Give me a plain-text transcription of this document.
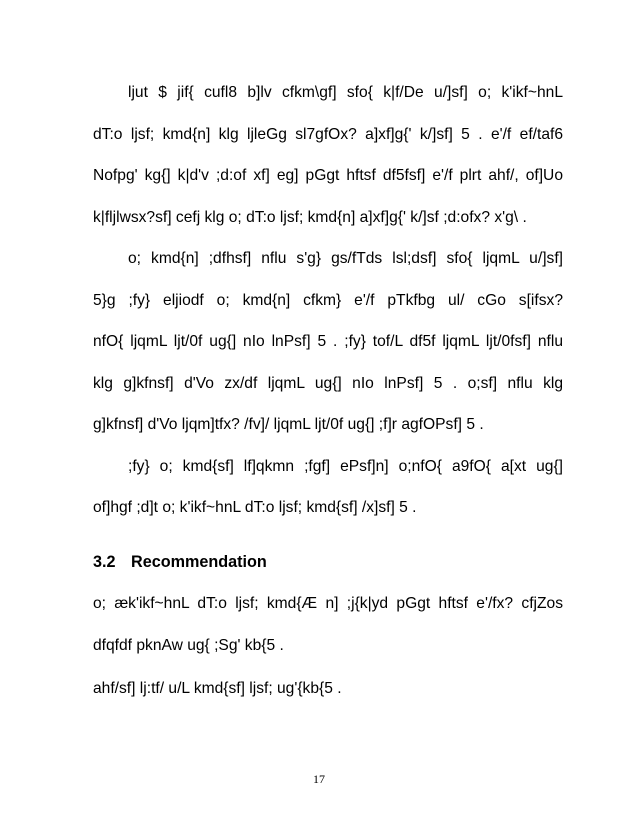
ljut $ jif{ cufl8 b]lv cfkm\gf] sfo{ k|f/De u/]sf] o; k'ikf~hnL
dT:o ljsf; kmd{n] klg ljleGg sl7gfOx? a]xf]g{' k/]sf] 5 . e'/f ef/taf6
Nofpg' kg{] k|d'v ;d:of xf] eg] pGgt hftsf df5fsf] e'/f plrt ahf/, of]Uo
k|fljlwsx?sf] cefj klg o; dT:o ljsf; kmd{n] a]xf]g{' k/]sf ;d:ofx? x'g\ .
o; kmd{n] ;dfhsf] nflu s'g} gs/fTds lsl;dsf] sfo{ ljqmL u/]sf]
5}g ;fy} eljiodf o; kmd{n] cfkm} e'/f pTkfbg ul/ cGo s[ifsx?
nfO{ ljqmL ljt/0f ug{] nIo lnPsf] 5 . ;fy} tof/L df5f ljqmL ljt/0fsf] nflu
klg g]kfnsf] d'Vo zx/df ljqmL ug{] nIo lnPsf] 5 . o;sf] nflu klg
g]kfnsf] d'Vo ljqm]tfx? /fv]/ ljqmL ljt/0f ug{] ;f]r agfOPsf] 5 .
;fy} o; kmd{sf] lf]qkmn ;fgf] ePsf]n] o;nfO{ a9fO{ a[xt ug{]
of]hgf ;d]t o; k'ikf~hnL dT:o ljsf; kmd{sf] /x]sf] 5 .
3.2 Recommendation
o; æk'ikf~hnL dT:o ljsf; kmd{Æ n] ;j{k|yd pGgt hftsf e'/fx? cfjZos
dfqfdf pknAw ug{ ;Sg' kb{5 .
ahf/sf] lj:tf/ u/L kmd{sf] ljsf; ug'{kb{5 .
17
